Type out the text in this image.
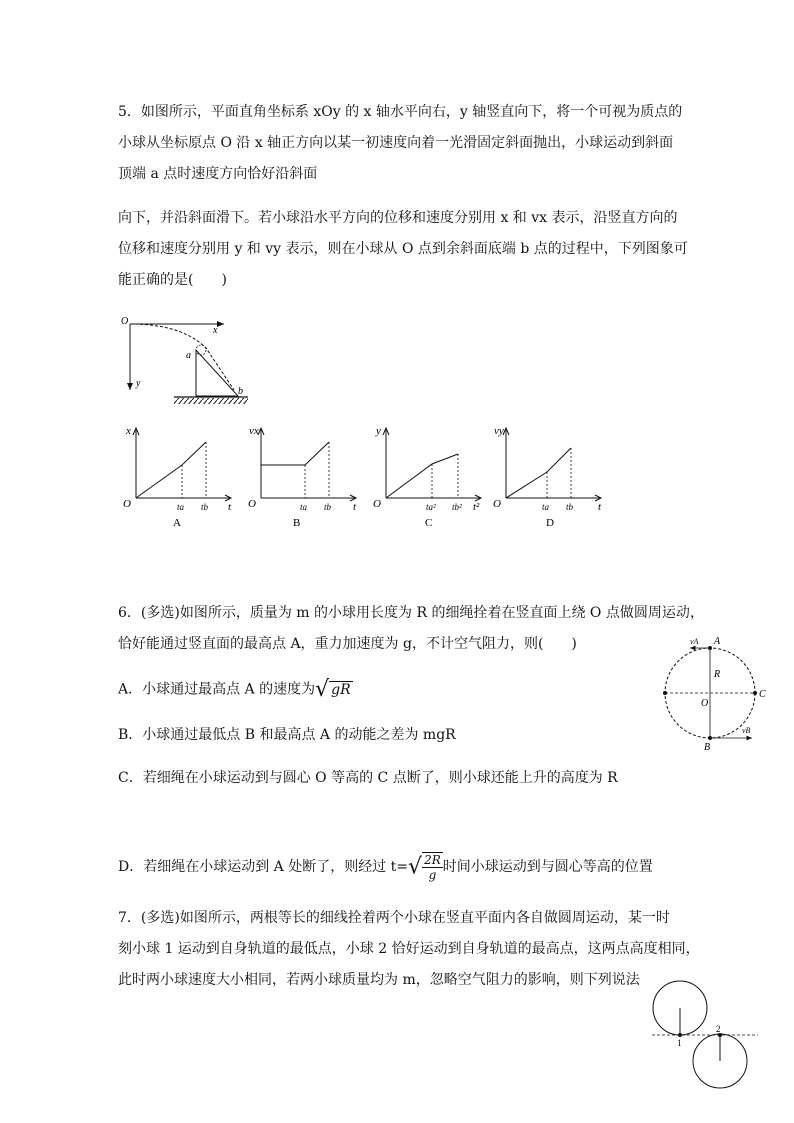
5．如图所示，平面直角坐标系 xOy 的 x 轴水平向右，y 轴竖直向下，将一个可视为质点的
小球从坐标原点 O 沿 x 轴正方向以某一初速度向着一光滑固定斜面抛出，小球运动到斜面
顶端 a 点时速度方向恰好沿斜面
向下，并沿斜面滑下。若小球沿水平方向的位移和速度分别用 x 和 vx 表示，沿竖直方向的
位移和速度分别用 y 和 vy 表示，则在小球从 O 点到余斜面底端 b 点的过程中，下列图象可
能正确的是(　　)
O
x
y
a
b
x
O	ta tb t
A
vx
O	ta tb t
B
y
O	ta² tb² t²
C
vy
O	ta tb t
D
6．(多选)如图所示，质量为 m 的小球用长度为 R 的细绳拴着在竖直面上绕 O 点做圆周运动，
恰好能通过竖直面的最高点 A，重力加速度为 g，不计空气阻力，则(　　)
A．小球通过最高点 A 的速度为√ gR
B．小球通过最低点 B 和最高点 A 的动能之差为 mgR
C．若细绳在小球运动到与圆心 O 等高的 C 点断了，则小球还能上升的高度为 R
D．若细绳在小球运动到 A 处断了，则经过 $t=√ \frac{2R}{g}$ 时间小球运动到与圆心等高的位置
vA A
R
O
C
B
vB
7．(多选)如图所示，两根等长的细线拴着两个小球在竖直平面内各自做圆周运动，某一时
刻小球 1 运动到自身轨道的最低点，小球 2 恰好运动到自身轨道的最高点，这两点高度相同，
此时两小球速度大小相同，若两小球质量均为 m，忽略空气阻力的影响，则下列说法
1
2
